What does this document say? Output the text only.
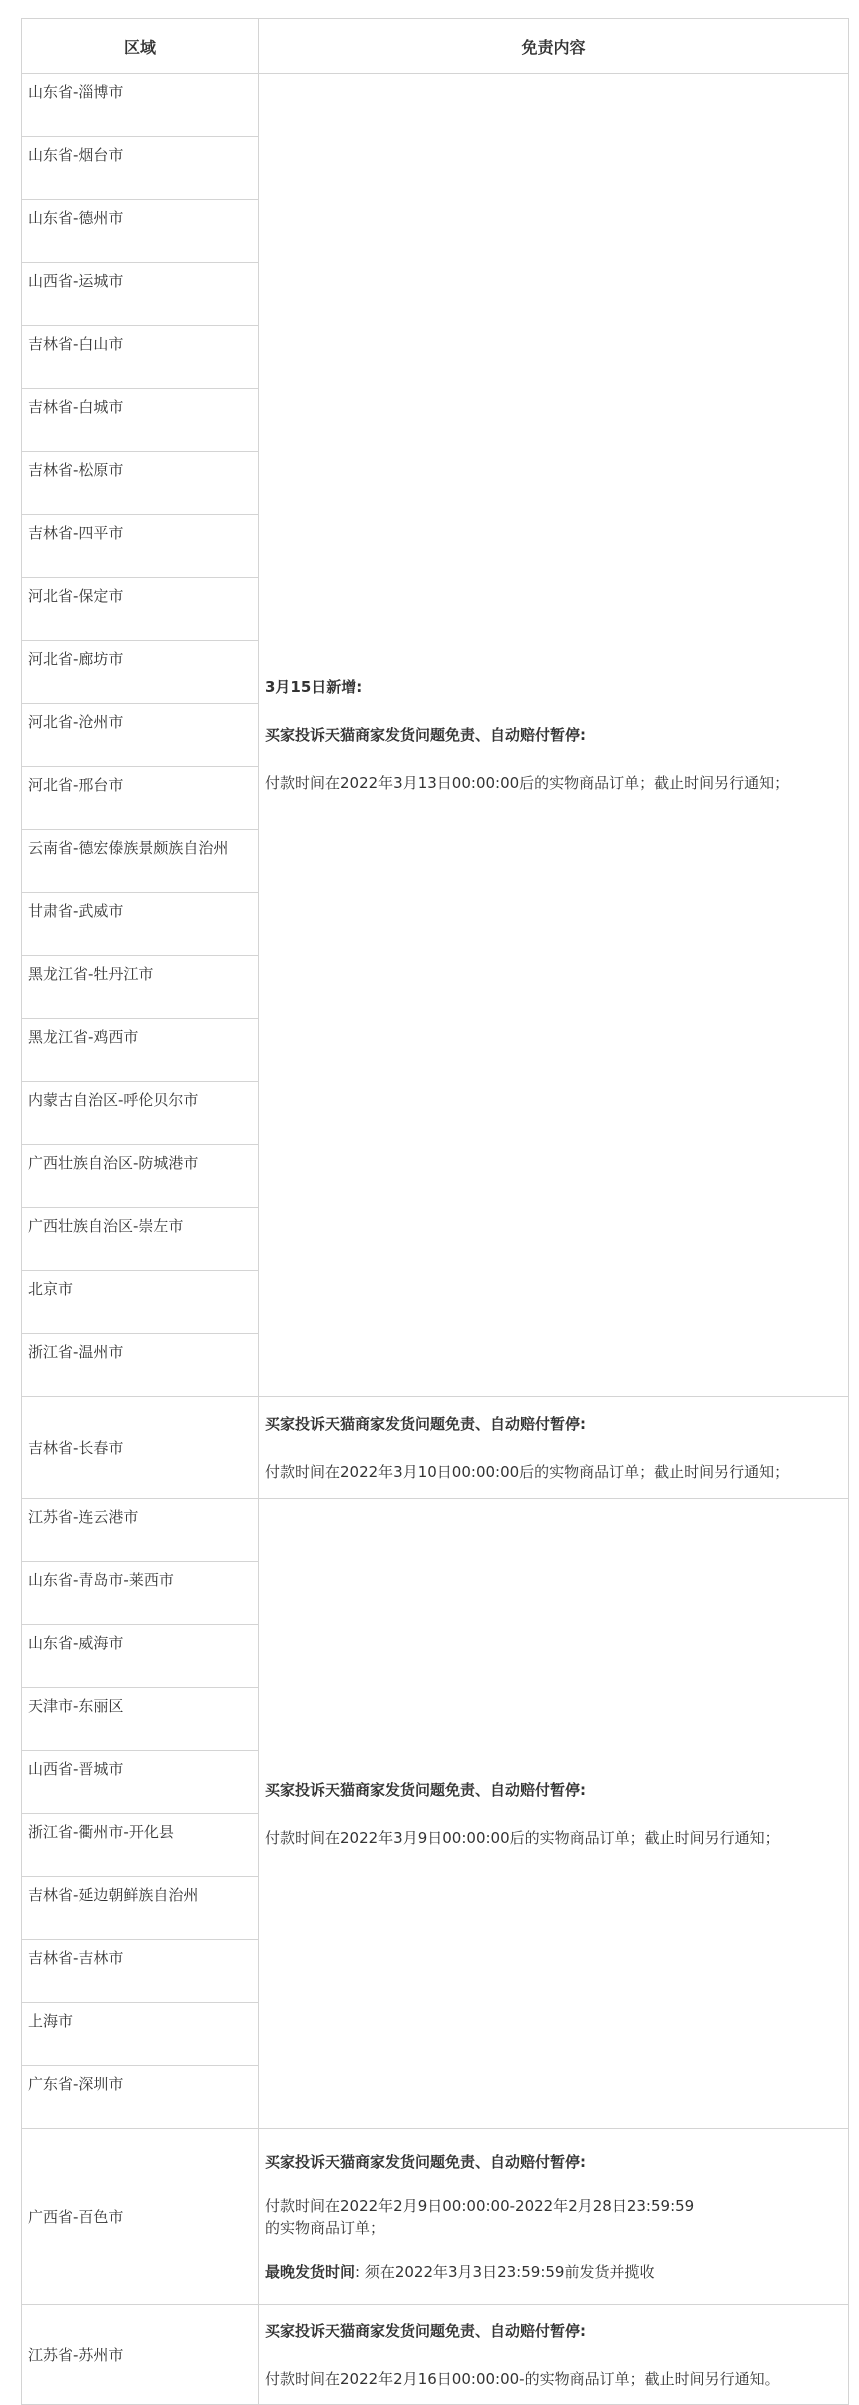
区域	免责内容
山东省-淄博市	3月15日新增:

买家投诉天猫商家发货问题免责、自动赔付暂停:

付款时间在2022年3月13日00:00:00后的实物商品订单；截止时间另行通知；

山东省-烟台市	
山东省-德州市	
山西省-运城市	
吉林省-白山市	
吉林省-白城市	
吉林省-松原市	
吉林省-四平市	
河北省-保定市	
河北省-廊坊市	
河北省-沧州市	
河北省-邢台市	
云南省-德宏傣族景颇族自治州	
甘肃省-武威市	
黑龙江省-牡丹江市	
黑龙江省-鸡西市	
内蒙古自治区-呼伦贝尔市	
广西壮族自治区-防城港市	
广西壮族自治区-崇左市	
北京市	
浙江省-温州市	
吉林省-长春市	买家投诉天猫商家发货问题免责、自动赔付暂停:

付款时间在2022年3月10日00:00:00后的实物商品订单；截止时间另行通知；

江苏省-连云港市	买家投诉天猫商家发货问题免责、自动赔付暂停:

付款时间在2022年3月9日00:00:00后的实物商品订单；截止时间另行通知；

山东省-青岛市-莱西市	
山东省-威海市	
天津市-东丽区	
山西省-晋城市	
浙江省-衢州市-开化县	
吉林省-延边朝鲜族自治州	
吉林省-吉林市	
上海市	
广东省-深圳市	
广西省-百色市	买家投诉天猫商家发货问题免责、自动赔付暂停:

付款时间在2022年2月9日00:00:00-2022年2月28日23:59:59

的实物商品订单；

最晚发货时间: 须在2022年3月3日23:59:59前发货并揽收

江苏省-苏州市	买家投诉天猫商家发货问题免责、自动赔付暂停:

付款时间在2022年2月16日00:00:00-的实物商品订单；截止时间另行通知。
